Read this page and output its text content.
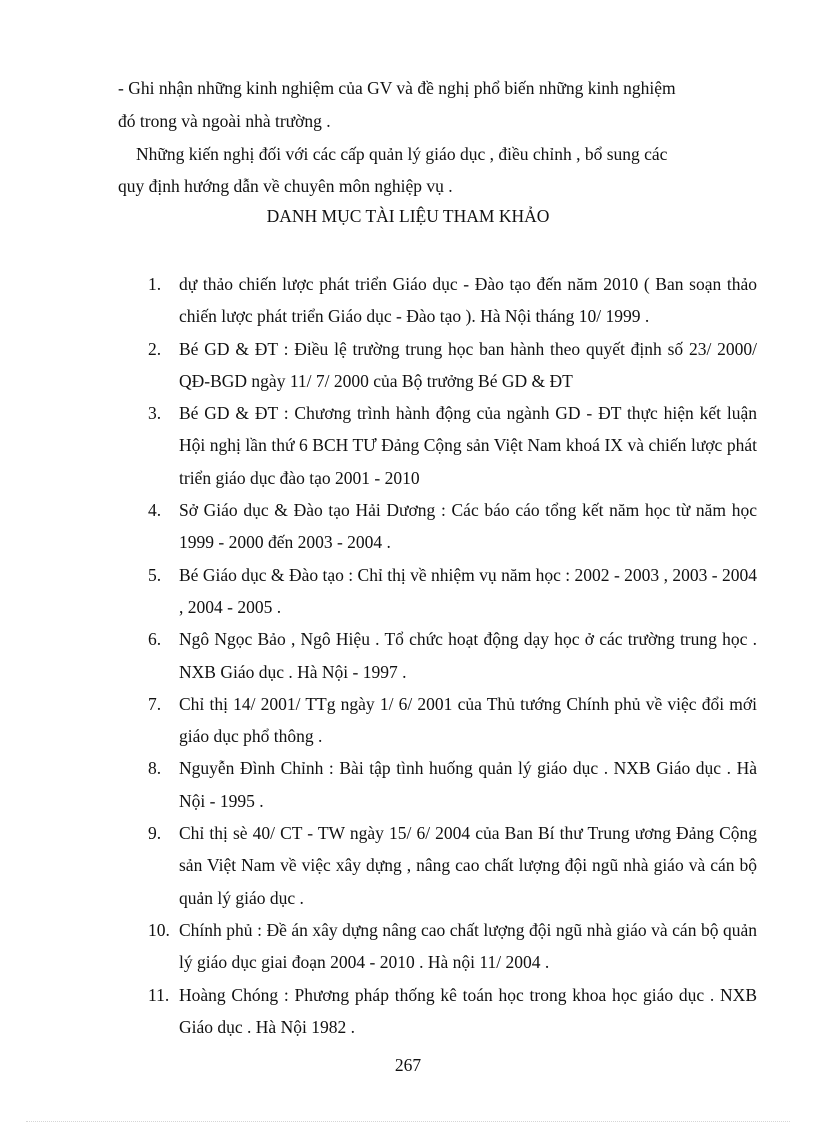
- Ghi nhận những kinh nghiệm của GV và đề nghị phổ biến những kinh nghiệm
đó trong và ngoài nhà trường .
Những kiến nghị đối với các cấp quản lý giáo dục , điều chỉnh , bổ sung các
quy định hướng dẫn về chuyên môn nghiệp vụ .
DANH MỤC TÀI LIỆU THAM KHẢO
1.	dự thảo chiến lược phát triển Giáo dục - Đào tạo đến năm 2010 ( Ban soạn thảo chiến lược phát triển Giáo dục - Đào tạo ). Hà Nội tháng 10/ 1999 .
2.	Bé GD & ĐT : Điều lệ trường trung học ban hành theo quyết định số 23/ 2000/ QĐ-BGD ngày 11/ 7/ 2000 của Bộ trưởng Bé GD & ĐT
3.	Bé GD & ĐT : Chương trình hành động của ngành GD - ĐT thực hiện kết luận Hội nghị lần thứ 6 BCH TƯ Đảng Cộng sản Việt Nam khoá IX và chiến lược phát triển giáo dục đào tạo 2001 - 2010
4.	Sở Giáo dục & Đào tạo Hải Dương : Các báo cáo tổng kết năm học từ năm học 1999 - 2000 đến 2003 - 2004 .
5.	Bé Giáo dục & Đào tạo : Chỉ thị về nhiệm vụ năm học : 2002 - 2003 , 2003 - 2004 , 2004 - 2005 .
6.	Ngô Ngọc Bảo , Ngô Hiệu . Tổ chức hoạt động dạy học ở các trường trung học . NXB Giáo dục . Hà Nội - 1997 .
7.	Chỉ thị 14/ 2001/ TTg ngày 1/ 6/ 2001 của Thủ tướng Chính phủ về việc đổi mới giáo dục phổ thông .
8.	Nguyễn Đình Chỉnh : Bài tập tình huống quản lý giáo dục . NXB Giáo dục . Hà Nội - 1995 .
9.	Chỉ thị sè 40/ CT - TW ngày 15/ 6/ 2004 của Ban Bí thư Trung ương Đảng Cộng sản Việt Nam về việc xây dựng , nâng cao chất lượng đội ngũ nhà giáo và cán bộ quản lý giáo dục .
10. Chính phủ : Đề án xây dựng nâng cao chất lượng đội ngũ nhà giáo và cán bộ quản lý giáo dục giai đoạn 2004 - 2010 . Hà nội 11/ 2004 .
11. Hoàng Chóng : Phương pháp thống kê toán học trong khoa học giáo dục . NXB Giáo dục . Hà Nội 1982 .
267
